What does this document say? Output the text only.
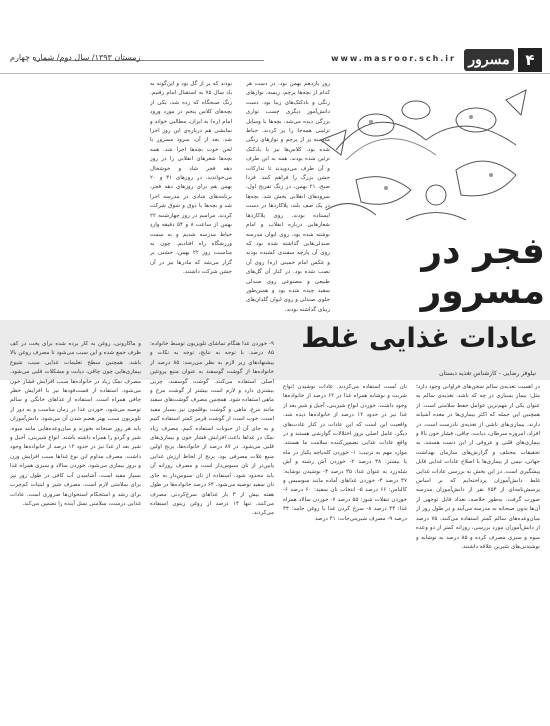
۴
مسرور
www.masroor.sch.ir
زمستان ۱۳۹۳/ سال دوم/ شماره چهارم
فجر در
مسرور
روز یازدهم بهمن بود. در دست هر کدام از بچه‌ها پرچم، ریسه، نوارهای رنگی و بادکنک‌های زیبا بود. دست دانش‌آموز دیگری چسب نواری بزرگی دیده می‌شد. بچه‌ها با وسایل تزئینی همه‌جا را پر کردند. حیاط مدرسه پر از پرچم و نوارهای رنگی شده بود. کلاس‌ها نیز با بادکنک تزئین شده بودند. همه به این طرف و آن طرف می‌دویدند تا تدارکات جشن بزرگ را فراهم کنند. فردا صبح، ۲۱ بهمن، در زنگ تفریح اول، سرودهای انقلابی پخش شد. بچه‌ها در یک صف بلند، پلاکاردها در دست ایستاده بودند. روی پلاکاردها شعارهایی درباره انقلاب و امام نوشته شده بود. روی ایوان مدرسه صندلی‌هایی گذاشته شده بود که روی آن پارچه سفیدی کشیده بودند و عکس امام خمینی (ره) روی آن نصب شده بود. در کنار آن گل‌های طبیعی و مصنوعی روی صندلی سفید چیده شده بود و همین‌طور جلوی صندلی و روی ایوان گلدان‌های زیبای گذاشته بودند.
بودند که پر از گل بود و این‌گونه به یاد سال ۷۵ به استقبال امام رفتیم. زنگ صبحگاه که زده شد، یکی از بچه‌های کلاس پنجم در مورد ورود امام (ره) به ایران، مطالبی خواند و نمایشی هم درباره‌ی این روز اجرا شد. بعد از آن، سرود مسرور با لحن خوب بچه‌ها اجرا شد. همه بچه‌ها شعرهای انقلابی را در روز دهه فجر شاد و خوشحال می‌خواندند. در روزهای ۳۱ و ۲۰ بهمن هم برای روزهای دهه فجر، برنامه‌های شادی در مدرسه اجرا شد و بچه‌ها با ذوق و شوق شرکت کردند. مراسم در روز چهارشنبه ۲۲ بهمن از ساعت ۸ و ۵۴ دقیقه واردِ حیاط مدرسه شدیم و به سمت ورزشگاه راه افتادیم. چون به مناسبت روز ۲۲ بهمن، جشنی بر گزار می‌شد که مادرها نیز در آن جشن شرکت داشتند.
عادات غذایی غلط
نیلوفر رضایی - کارشناس تغذیه دبستان
در اهمیت تغذیه‌ی سالم سخن‌های فراوانی وجود دارد؛ مثل: بیمار بسیاری در چه که باشد. تغذیه‌ی سالم به عنوان یکی از مهم‌ترین عوامل حفظ سلامتی است. از همچنین این جمله که اکثر بیماری‌ها در معده آشیانه دارند، بیماری‌های ناشی از تغذیه‌ی نادرست است. در افراد، امروزه سرطان، دیابت، چاقی، فشار خون بالا و بیماری‌های قلبی و عروقی از این دست هستند. به تحقیقات مختلف و گزارش‌های سازمان بهداشت جهانی، نیمی از بیماری‌ها با اصلاح عادات غذایی قابل پیشگیری است. در این بخش به بررسی عادات غذایی غلط دانش‌آموزان پرداخته‌ایم که بر اساس پرسش‌نامه‌ای از ۷۵۴ نفر از دانش‌آموزان مدرسه صورت گرفت. به‌طور خلاصه، تعداد قابل توجهی از آن‌ها بدون صبحانه به مدرسه می‌آیند و در طول روز از میان‌وعده‌های سالم کمتر استفاده می‌کنند. ۷۵ درصد از دانش‌آموزان مورد بررسی، روزانه کمتر از دو وعده میوه و سبزی مصرف کرده و ۸۵ درصد به نوشابه و نوشیدنی‌های شیرین علاقه داشتند.
نان تُست استفاده می‌کردند. عادات نوشیدن انواع شربت و نوشابه همراه غذا در ۶۲ درصد از خانواده‌ها وجود داشت. خوردن انواع شیرینی، آجیل و شیر بعد از غذا نیز در حدود ۱۲ درصد از خانواده‌ها دیده شد. واقعیت این است که این عادات در کنار عادت‌های دیگر، عامل اصلی بروز اختلالات گوارشی هستند و در واقع عادات غذایی تضمین‌کننده سلامت ما هستند. موارد مهم به ترتیب: ۱- خوردن کله‌پاچه یکبار در ماه یا بیشتر: ۳۸ درصد ۲- خوردن آش رشته و آش شله‌زرد به عنوان غذا: ۳۵ درصد ۳- نوشیدن نوشابه: ۴۷ درصد ۴- خوردن غذاهای آماده مانند سوسیس و کالباس: ۶۶ درصد ۵- انتخاب نان سفید: ۶۰ درصد ۶- خوردن تنقلات شور: ۵۵ درصد ۷- خوردن سالاد همراه غذا: ۴۳ درصد ۸- سرخ کردن غذا با روغن جامد: ۳۴ درصد ۹- مصرف شیرینی‌جات: ۴۱ درصد
۹- خوردن غذا هنگام تماشای تلویزیون توسط خانواده: ۸۵ درصد. با توجه به نتایج، توجه به نکات و پیشنهادهای زیر لازم به نظر می‌رسد: ۸۵ درصد از خانواده‌ها از گوشت گوسفند به عنوان منبع پروتئین اصلی استفاده می‌کنند. گوشت گوسفند، چربی بیشتری دارد و لازم است بیشتر از گوشت مرغ و ماهی استفاده شود. همچنین مصرف گوشت‌های سفید مانند مرغ، ماهی و گوشت بوقلمون نیز بسیار مفید است. خوب است از گوشت قرمز کمتر استفاده کنیم و به جای آن از حبوبات استفاده کنیم. مصرف زیاد نمک در غذاها باعث افزایش فشار خون و بیماری‌های قلبی می‌شود. در ۸۷ درصد از خانواده‌ها، برنج اولین منبع غلات مصرفی بود. برنج از لحاظ ارزش غذایی پایین‌تر از نان سبوس‌دار است و مصرف روزانه آن باید محدود شود. استفاده از نان سبوس‌دار به جای نان سفید توصیه می‌شود. ۶۴ درصد خانواده‌ها در طول هفته بیش از ۳ بار غذاهای سرخ‌کردنی مصرف می‌کنند. تنها ۱۴ درصد از روغن زیتون استفاده می‌کردند.
و ماکارونی، روغن به کار برده شده برای پخت در کف ظرف جمع شده و این سبب می‌شود تا مصرف روغن بالا باشد. همچنین سطح تعلیمات غذایی سبب شیوع بیماری‌هایی چون چاقی، دیابت و مشکلات قلبی می‌شود. مصرف نمک زیاد در خانواده‌ها سبب افزایش فشار خون می‌شود. استفاده از فست‌فودها نیز با افزایش خطر چاقی همراه است. استفاده از غذاهای خانگی و سالم توصیه می‌شود. خوردن غذا در زمان مناسب و به دور از تلویزیون سبب بهتر هضم شدن آن می‌شود. دانش‌آموزان باید هر روز صبحانه بخورند و میان‌وعده‌هایی مانند میوه، شیر و گردو را همراه داشته باشند. انواع شیرینی، آجیل و شیر بعد از غذا نیز در حدود ۱۲ درصد از خانواده‌ها وجود داشت. مصرف مداوم این نوع غذاها سبب افزایش وزن و بروز بیماری می‌شود. خوردن سالاد و سبزی همراه غذا بسیار مفید است. آشامیدن آب کافی در طول روز نیز برای سلامتی لازم است. مصرف شیر و لبنیات کم‌چرب برای رشد و استحکام استخوان‌ها ضروری است. عادات غذایی درست، سلامتی نسل آینده را تضمین می‌کند.
